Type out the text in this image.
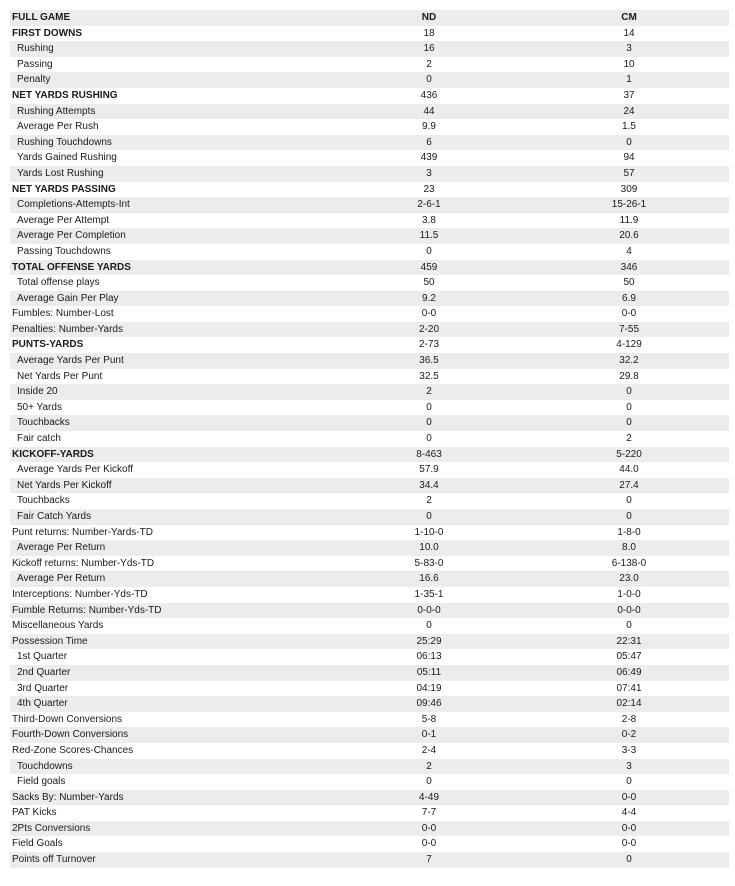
FULL GAME	ND	CM
FIRST DOWNS	18	14
Rushing	16	3
Passing	2	10
Penalty	0	1
NET YARDS RUSHING	436	37
Rushing Attempts	44	24
Average Per Rush	9.9	1.5
Rushing Touchdowns	6	0
Yards Gained Rushing	439	94
Yards Lost Rushing	3	57
NET YARDS PASSING	23	309
Completions-Attempts-Int	2-6-1	15-26-1
Average Per Attempt	3.8	11.9
Average Per Completion	11.5	20.6
Passing Touchdowns	0	4
TOTAL OFFENSE YARDS	459	346
Total offense plays	50	50
Average Gain Per Play	9.2	6.9
Fumbles: Number-Lost	0-0	0-0
Penalties: Number-Yards	2-20	7-55
PUNTS-YARDS	2-73	4-129
Average Yards Per Punt	36.5	32.2
Net Yards Per Punt	32.5	29.8
Inside 20	2	0
50+ Yards	0	0
Touchbacks	0	0
Fair catch	0	2
KICKOFF-YARDS	8-463	5-220
Average Yards Per Kickoff	57.9	44.0
Net Yards Per Kickoff	34.4	27.4
Touchbacks	2	0
Fair Catch Yards	0	0
Punt returns: Number-Yards-TD	1-10-0	1-8-0
Average Per Return	10.0	8.0
Kickoff returns: Number-Yds-TD	5-83-0	6-138-0
Average Per Return	16.6	23.0
Interceptions: Number-Yds-TD	1-35-1	1-0-0
Fumble Returns: Number-Yds-TD	0-0-0	0-0-0
Miscellaneous Yards	0	0
Possession Time	25:29	22:31
1st Quarter	06:13	05:47
2nd Quarter	05:11	06:49
3rd Quarter	04:19	07:41
4th Quarter	09:46	02:14
Third-Down Conversions	5-8	2-8
Fourth-Down Conversions	0-1	0-2
Red-Zone Scores-Chances	2-4	3-3
Touchdowns	2	3
Field goals	0	0
Sacks By: Number-Yards	4-49	0-0
PAT Kicks	7-7	4-4
2Pts Conversions	0-0	0-0
Field Goals	0-0	0-0
Points off Turnover	7	0
